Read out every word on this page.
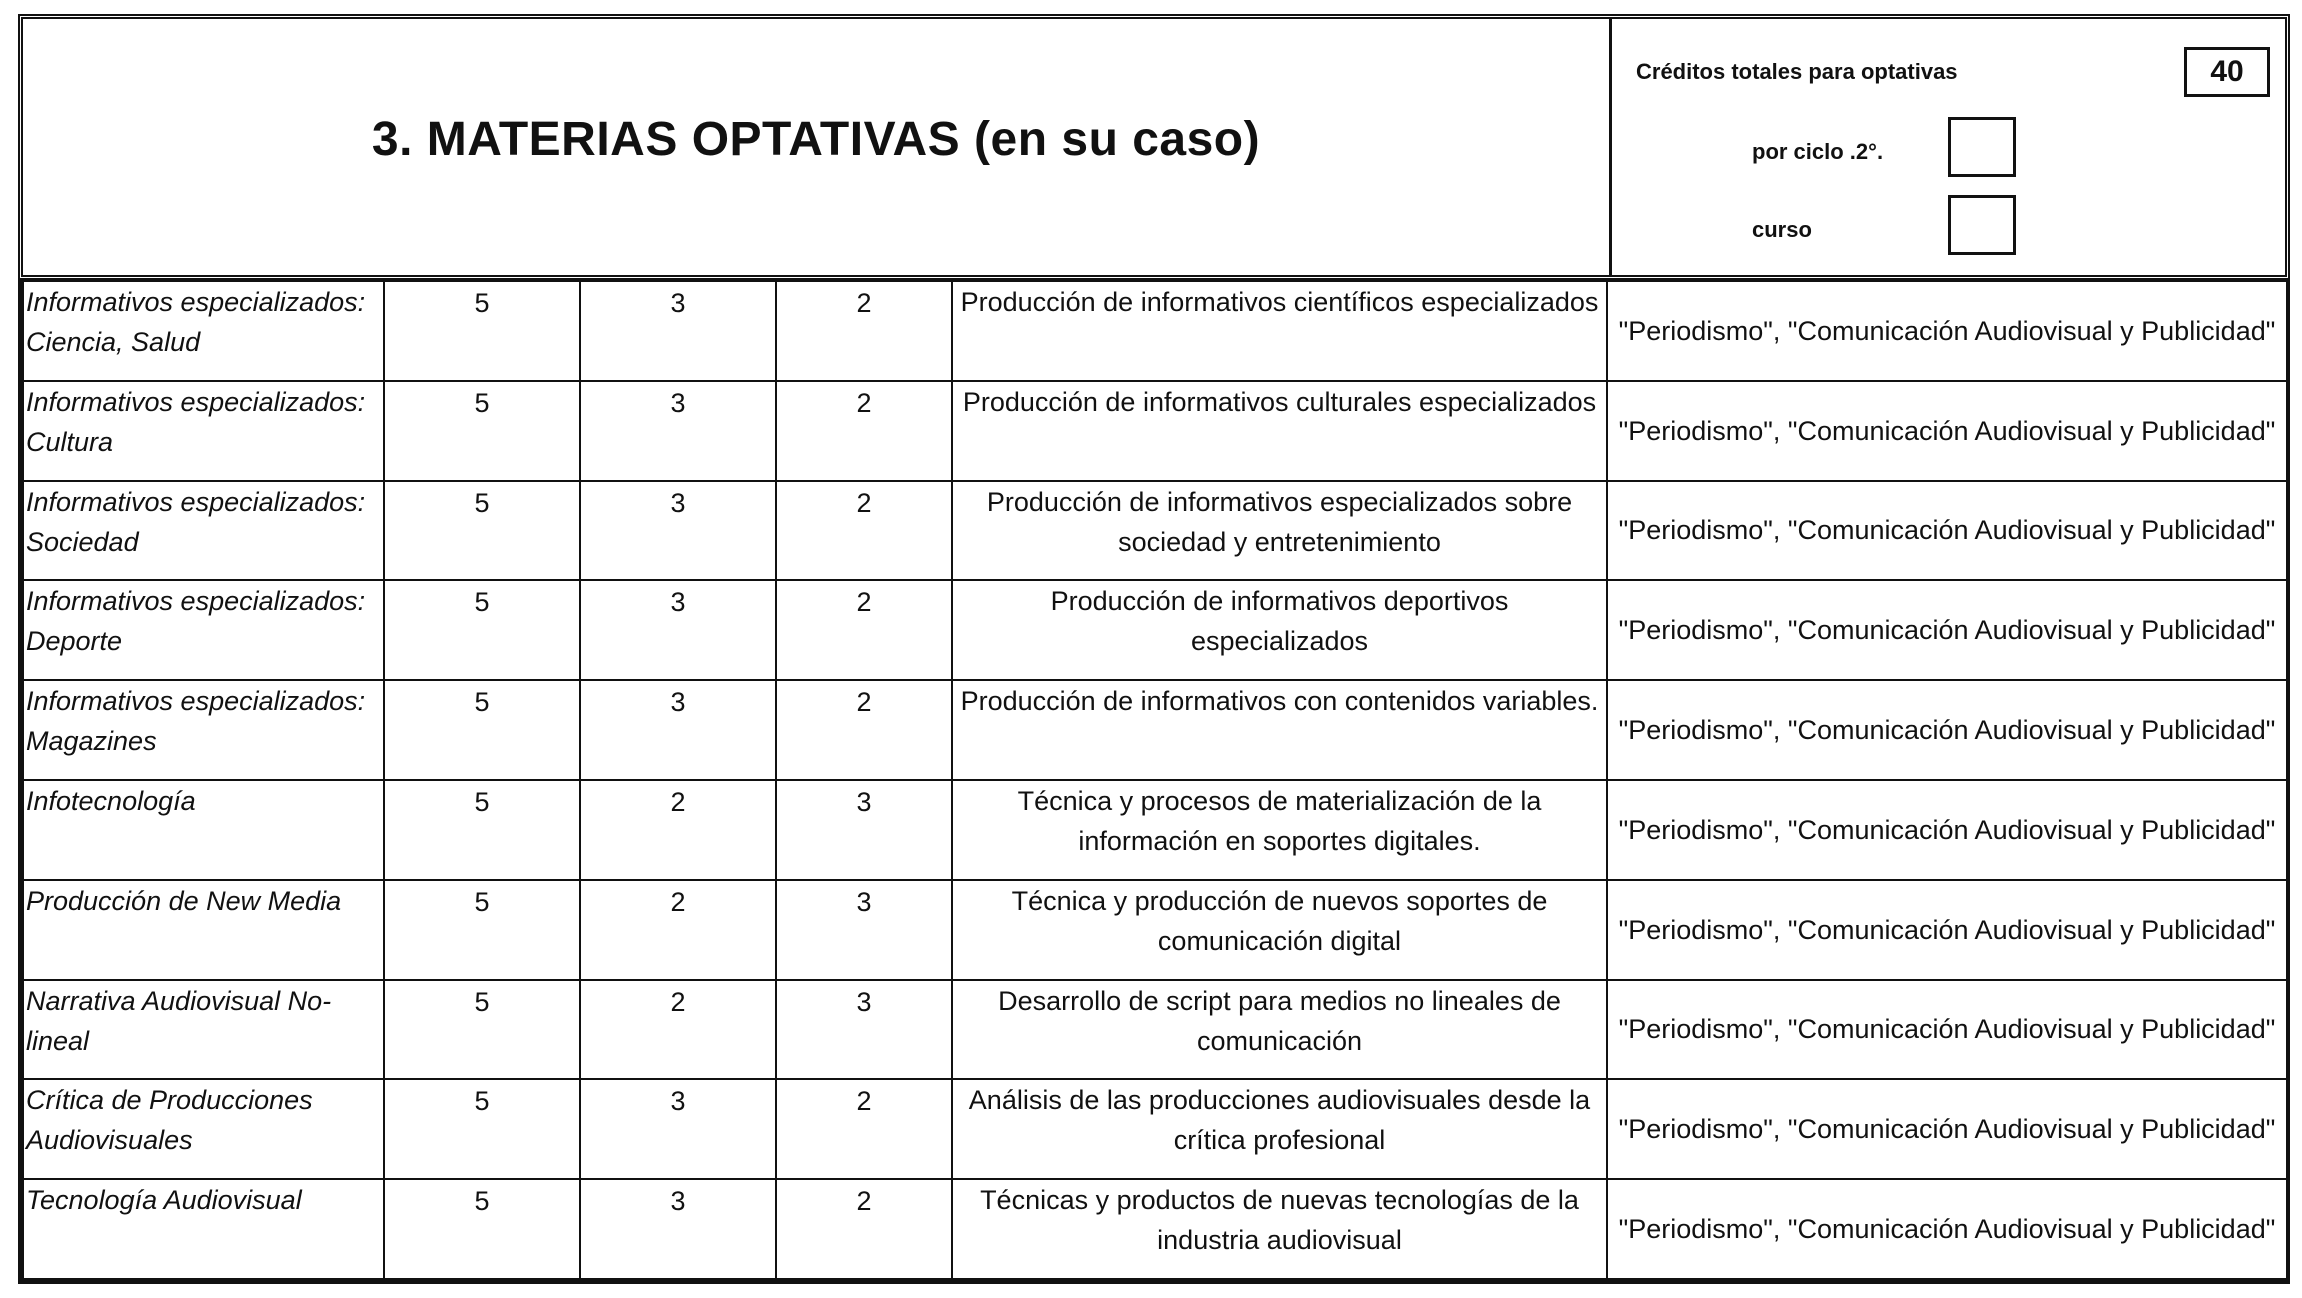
3. MATERIAS OPTATIVAS (en su caso)
Créditos totales para optativas	40
por ciclo .2°.
curso
Informativos especializados: Ciencia, Salud	5	3	2	Producción de informativos científicos especializados	"Periodismo", "Comunicación Audiovisual y Publicidad"
Informativos especializados: Cultura	5	3	2	Producción de informativos culturales especializados	"Periodismo", "Comunicación Audiovisual y Publicidad"
Informativos especializados: Sociedad	5	3	2	Producción de informativos especializados sobre sociedad y entretenimiento	"Periodismo", "Comunicación Audiovisual y Publicidad"
Informativos especializados: Deporte	5	3	2	Producción de informativos deportivos especializados	"Periodismo", "Comunicación Audiovisual y Publicidad"
Informativos especializados: Magazines	5	3	2	Producción de informativos con contenidos variables.	"Periodismo", "Comunicación Audiovisual y Publicidad"
Infotecnología	5	2	3	Técnica y procesos de materialización de la información en soportes digitales.	"Periodismo", "Comunicación Audiovisual y Publicidad"
Producción de New Media	5	2	3	Técnica y producción de nuevos soportes de comunicación digital	"Periodismo", "Comunicación Audiovisual y Publicidad"
Narrativa Audiovisual No-lineal	5	2	3	Desarrollo de script para medios no lineales de comunicación	"Periodismo", "Comunicación Audiovisual y Publicidad"
Crítica de Producciones Audiovisuales	5	3	2	Análisis de las producciones audiovisuales desde la crítica profesional	"Periodismo", "Comunicación Audiovisual y Publicidad"
Tecnología Audiovisual	5	3	2	Técnicas y productos de nuevas tecnologías de la industria audiovisual	"Periodismo", "Comunicación Audiovisual y Publicidad"
